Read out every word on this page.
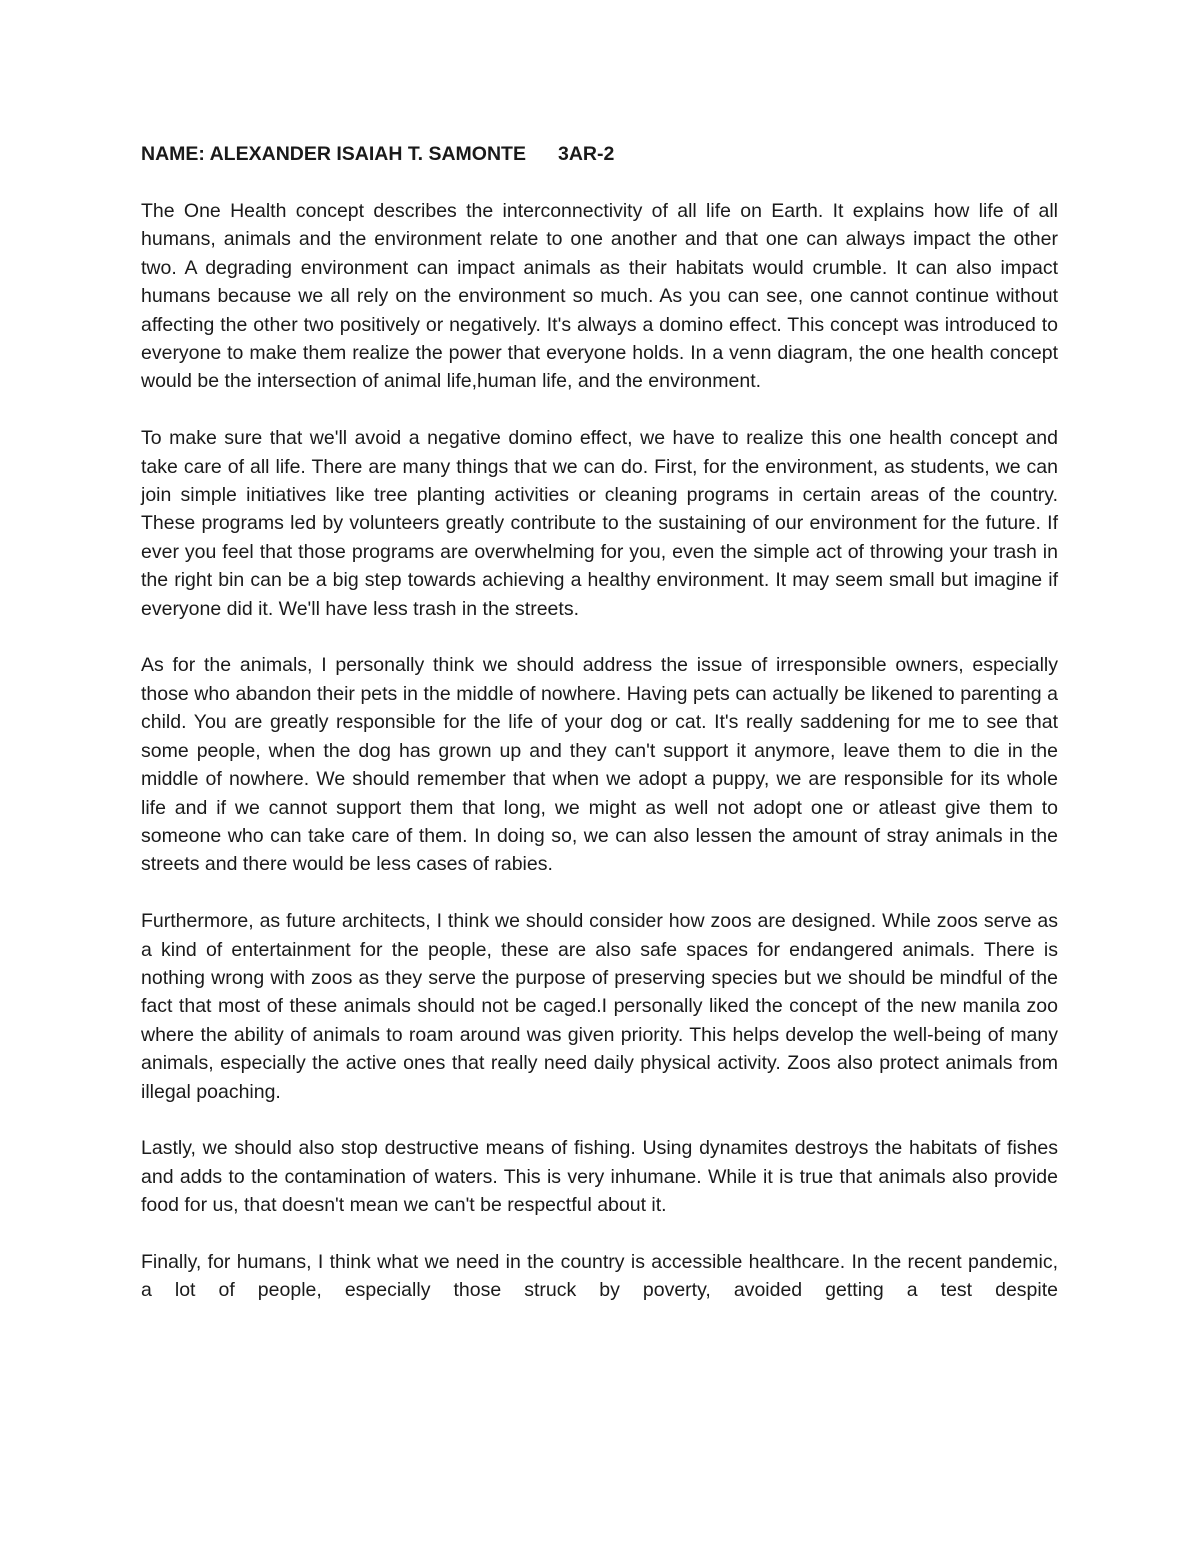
NAME: ALEXANDER ISAIAH T. SAMONTE 3AR-2

The One Health concept describes the interconnectivity of all life on Earth. It explains how life of all humans, animals and the environment relate to one another and that one can always impact the other two. A degrading environment can impact animals as their habitats would crumble. It can also impact humans because we all rely on the environment so much. As you can see, one cannot continue without affecting the other two positively or negatively. It's always a domino effect. This concept was introduced to everyone to make them realize the power that everyone holds. In a venn diagram, the one health concept would be the intersection of animal life,human life, and the environment.

To make sure that we'll avoid a negative domino effect, we have to realize this one health concept and take care of all life. There are many things that we can do. First, for the environment, as students, we can join simple initiatives like tree planting activities or cleaning programs in certain areas of the country. These programs led by volunteers greatly contribute to the sustaining of our environment for the future. If ever you feel that those programs are overwhelming for you, even the simple act of throwing your trash in the right bin can be a big step towards achieving a healthy environment. It may seem small but imagine if everyone did it. We'll have less trash in the streets.

As for the animals, I personally think we should address the issue of irresponsible owners, especially those who abandon their pets in the middle of nowhere. Having pets can actually be likened to parenting a child. You are greatly responsible for the life of your dog or cat. It's really saddening for me to see that some people, when the dog has grown up and they can't support it anymore, leave them to die in the middle of nowhere. We should remember that when we adopt a puppy, we are responsible for its whole life and if we cannot support them that long, we might as well not adopt one or atleast give them to someone who can take care of them. In doing so, we can also lessen the amount of stray animals in the streets and there would be less cases of rabies.

Furthermore, as future architects, I think we should consider how zoos are designed. While zoos serve as a kind of entertainment for the people, these are also safe spaces for endangered animals. There is nothing wrong with zoos as they serve the purpose of preserving species but we should be mindful of the fact that most of these animals should not be caged.I personally liked the concept of the new manila zoo where the ability of animals to roam around was given priority. This helps develop the well-being of many animals, especially the active ones that really need daily physical activity. Zoos also protect animals from illegal poaching.

Lastly, we should also stop destructive means of fishing. Using dynamites destroys the habitats of fishes and adds to the contamination of waters. This is very inhumane. While it is true that animals also provide food for us, that doesn't mean we can't be respectful about it.

Finally, for humans, I think what we need in the country is accessible healthcare. In the recent pandemic, a lot of people, especially those struck by poverty, avoided getting a test despite
